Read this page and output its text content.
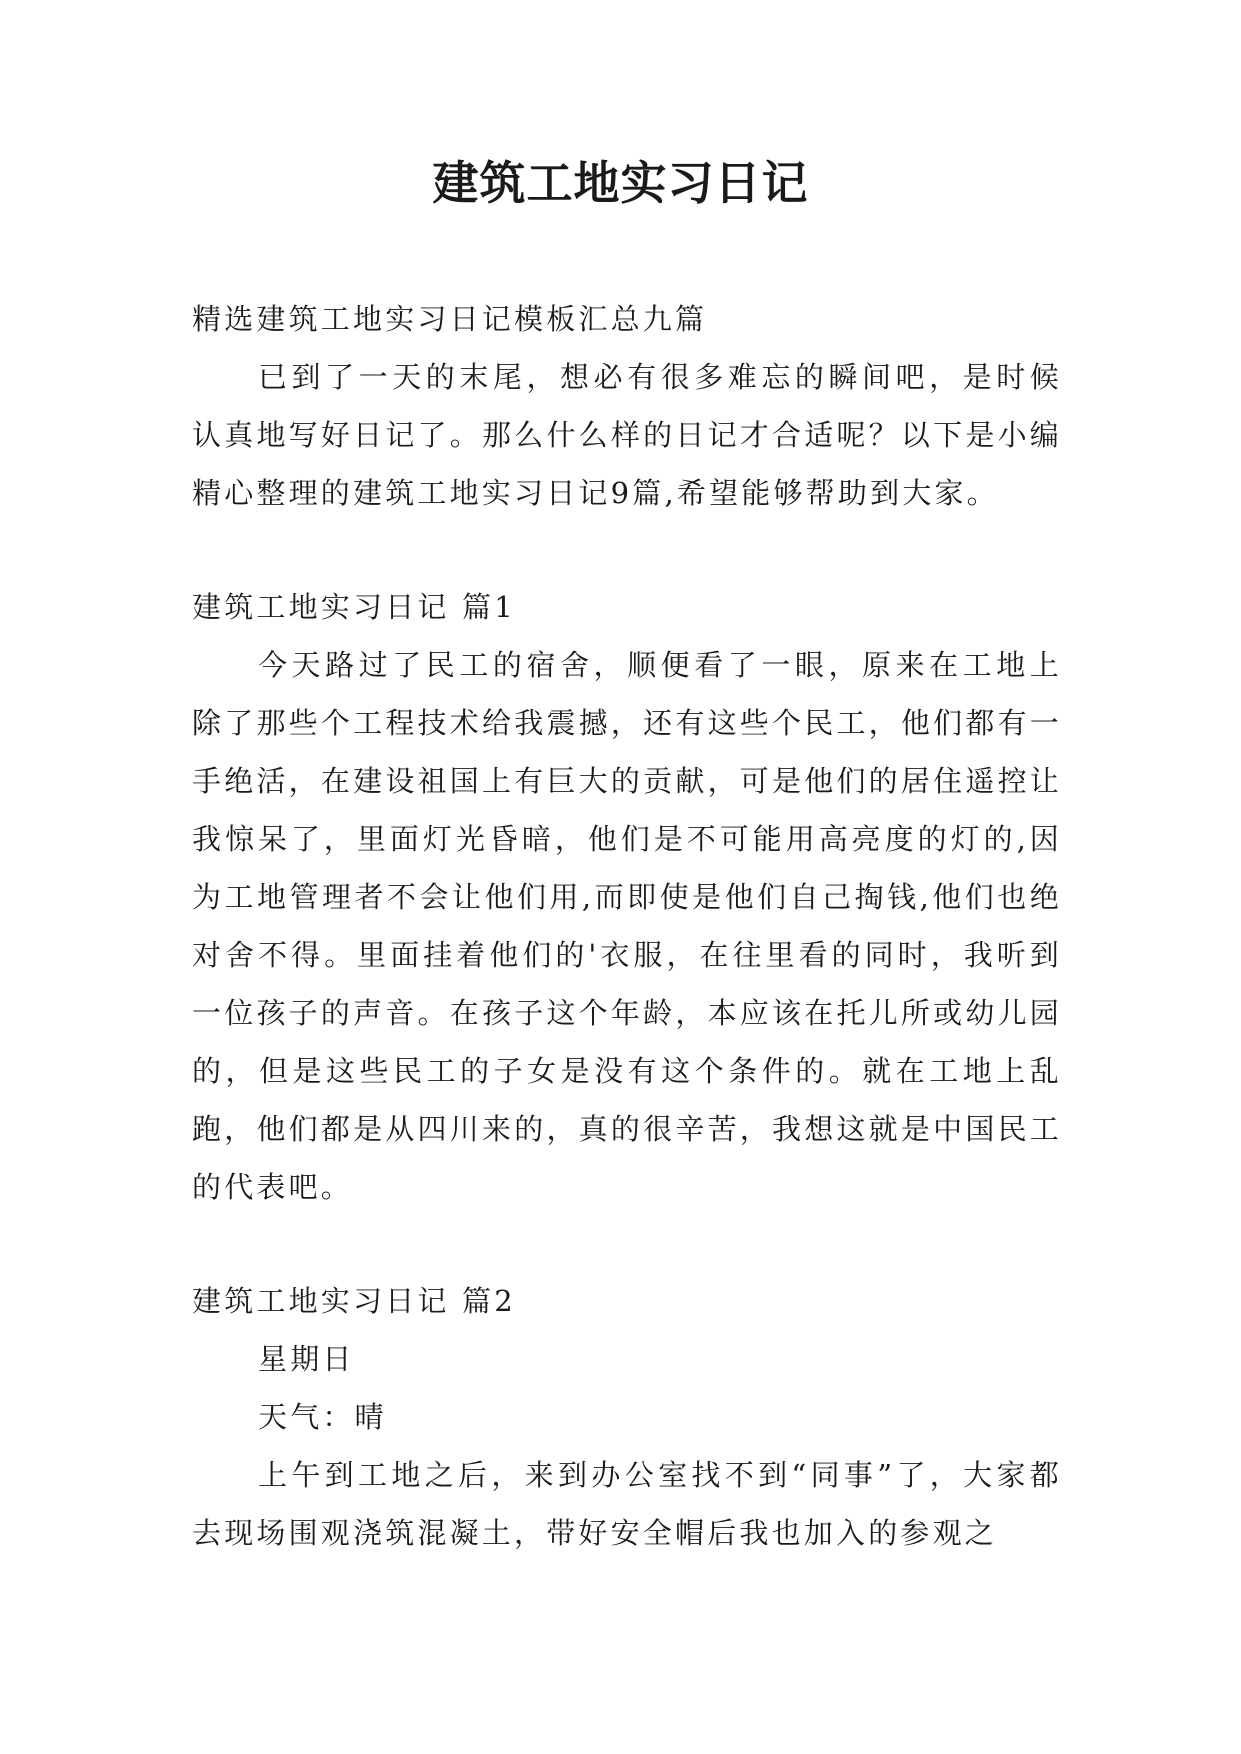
建筑工地实习日记

精选建筑工地实习日记模板汇总九篇

已到了一天的末尾，想必有很多难忘的瞬间吧，是时候认真地写好日记了。那么什么样的日记才合适呢？以下是小编精心整理的建筑工地实习日记9篇,希望能够帮助到大家。

建筑工地实习日记 篇1

今天路过了民工的宿舍，顺便看了一眼，原来在工地上除了那些个工程技术给我震撼，还有这些个民工，他们都有一手绝活，在建设祖国上有巨大的贡献，可是他们的居住遥控让我惊呆了，里面灯光昏暗，他们是不可能用高亮度的灯的,因为工地管理者不会让他们用,而即使是他们自己掏钱,他们也绝对舍不得。里面挂着他们的'衣服，在往里看的同时，我听到一位孩子的声音。在孩子这个年龄，本应该在托儿所或幼儿园的，但是这些民工的子女是没有这个条件的。就在工地上乱跑，他们都是从四川来的，真的很辛苦，我想这就是中国民工的代表吧。

建筑工地实习日记 篇2

星期日

天气：晴

上午到工地之后，来到办公室找不到“同事”了，大家都去现场围观浇筑混凝土，带好安全帽后我也加入的参观之
